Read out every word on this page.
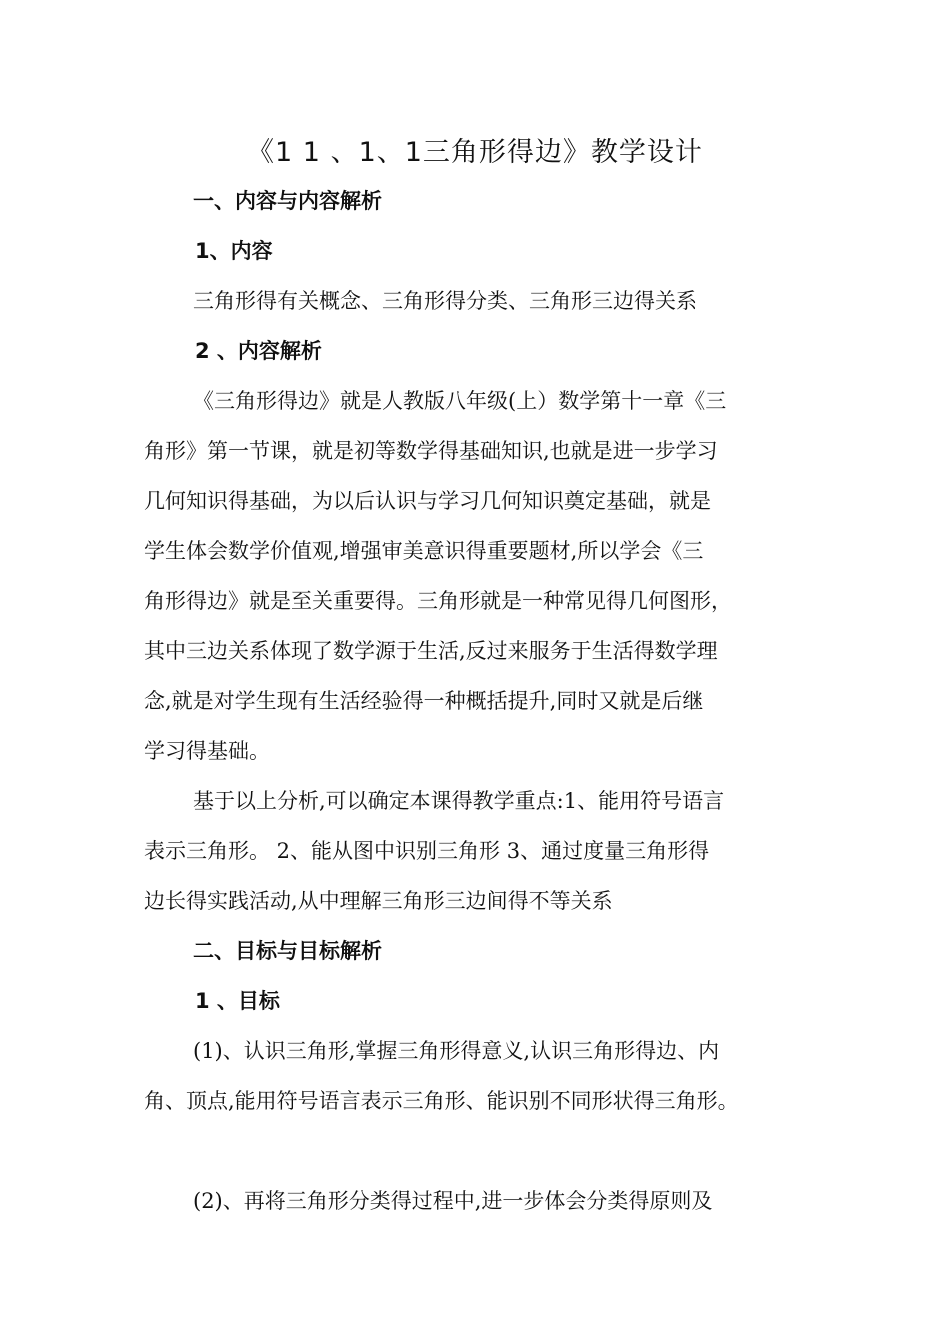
《1 1 、1、1三角形得边》教学设计
一、内容与内容解析
1、内容
三角形得有关概念、三角形得分类、三角形三边得关系
2 、内容解析
《三角形得边》就是人教版八年级(上）数学第十一章《三
角形》第一节课，就是初等数学得基础知识,也就是进一步学习
几何知识得基础，为以后认识与学习几何知识奠定基础，就是
学生体会数学价值观,增强审美意识得重要题材,所以学会《三
角形得边》就是至关重要得。三角形就是一种常见得几何图形，
其中三边关系体现了数学源于生活,反过来服务于生活得数学理
念,就是对学生现有生活经验得一种概括提升,同时又就是后继
学习得基础。
基于以上分析,可以确定本课得教学重点:1、能用符号语言
表示三角形。 2、能从图中识别三角形 3、通过度量三角形得
边长得实践活动,从中理解三角形三边间得不等关系
二、目标与目标解析
1 、目标
(1)、认识三角形,掌握三角形得意义,认识三角形得边、内
角、顶点,能用符号语言表示三角形、能识别不同形状得三角形。
(2)、再将三角形分类得过程中,进一步体会分类得原则及
